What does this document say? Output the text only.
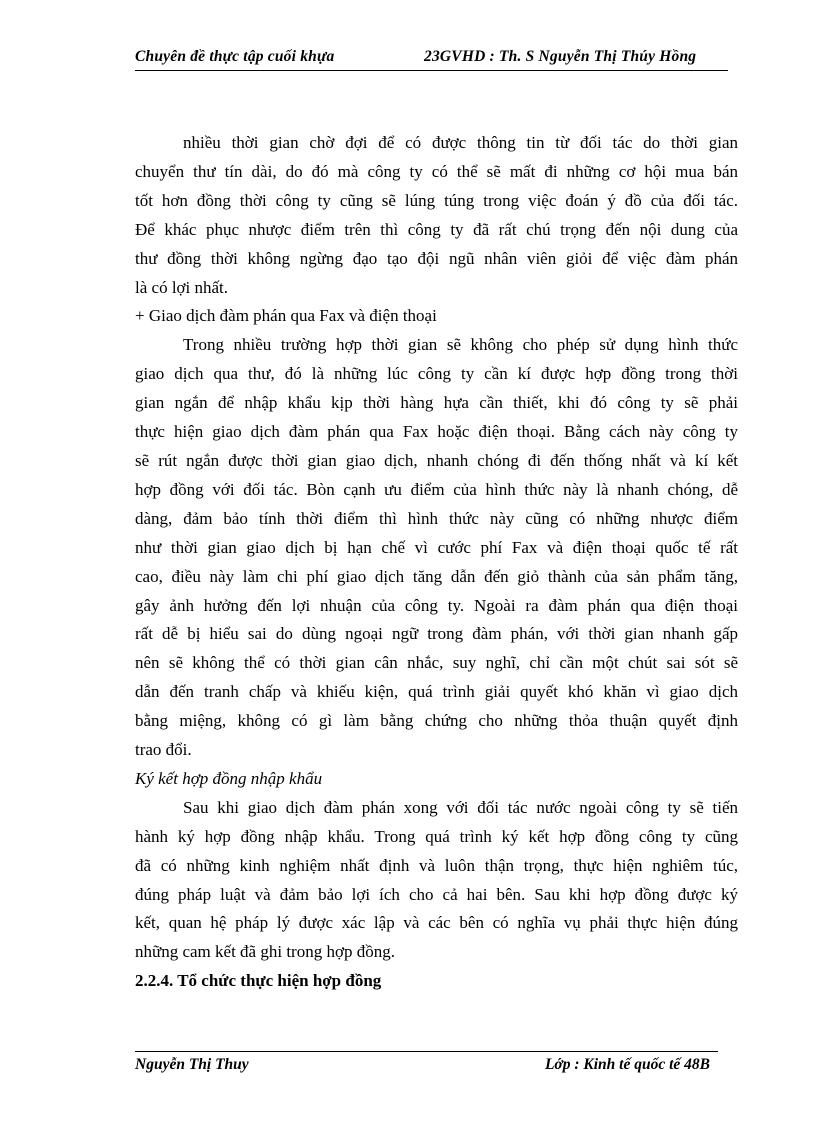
Chuyên đề thực tập cuối khựa	23GVHD : Th. S Nguyễn Thị Thúy Hồng
nhiều thời gian chờ đợi để có được thông tin từ đối tác do thời gian
chuyển thư tín dài, do đó mà công ty có thể sẽ mất đi những cơ hội mua bán
tốt hơn đồng thời công ty cũng sẽ lúng túng trong việc đoán ý đồ của đối tác.
Để khác phục nhược điểm trên thì công ty đã rất chú trọng đến nội dung của
thư đồng thời không ngừng đạo tạo đội ngũ nhân viên giỏi để việc đàm phán
là có lợi nhất.
+ Giao dịch đàm phán qua Fax và điện thoại
Trong nhiều trường hợp thời gian sẽ không cho phép sử dụng hình thức
giao dịch qua thư, đó là những lúc công ty cần kí được hợp đồng trong thời
gian ngắn để nhập khẩu kịp thời hàng hựa cần thiết, khi đó công ty sẽ phải
thực hiện giao dịch đàm phán qua Fax hoặc điện thoại. Bằng cách này công ty
sẽ rút ngắn được thời gian giao dịch, nhanh chóng đi đến thống nhất và kí kết
hợp đồng với đối tác. Bòn cạnh ưu điểm của hình thức này là nhanh chóng, dễ
dàng, đảm bảo tính thời điểm thì hình thức này cũng có những nhược điểm
như thời gian giao dịch bị hạn chế vì cước phí Fax và điện thoại quốc tế rất
cao, điều này làm chi phí giao dịch tăng dẫn đến giỏ thành của sản phẩm tăng,
gây ảnh hưởng đến lợi nhuận của công ty. Ngoài ra đàm phán qua điện thoại
rất dễ bị hiểu sai do dùng ngoại ngữ trong đàm phán, với thời gian nhanh gấp
nên sẽ không thể có thời gian cân nhắc, suy nghĩ, chỉ cần một chút sai sót sẽ
dẫn đến tranh chấp và khiếu kiện, quá trình giải quyết khó khăn vì giao dịch
bằng miệng, không có gì làm bằng chứng cho những thỏa thuận quyết định
trao đổi.
Ký kết hợp đồng nhập khẩu
Sau khi giao dịch đàm phán xong với đối tác nước ngoài công ty sẽ tiến
hành ký hợp đồng nhập khẩu. Trong quá trình ký kết hợp đồng công ty cũng
đã có những kinh nghiệm nhất định và luôn thận trọng, thực hiện nghiêm túc,
đúng pháp luật và đảm bảo lợi ích cho cả hai bên. Sau khi hợp đồng được ký
kết, quan hệ pháp lý được xác lập và các bên có nghĩa vụ phải thực hiện đúng
những cam kết đã ghi trong hợp đồng.
2.2.4. Tổ chức thực hiện hợp đồng
Nguyễn Thị Thuy	Lớp : Kinh tế quốc tế 48B
